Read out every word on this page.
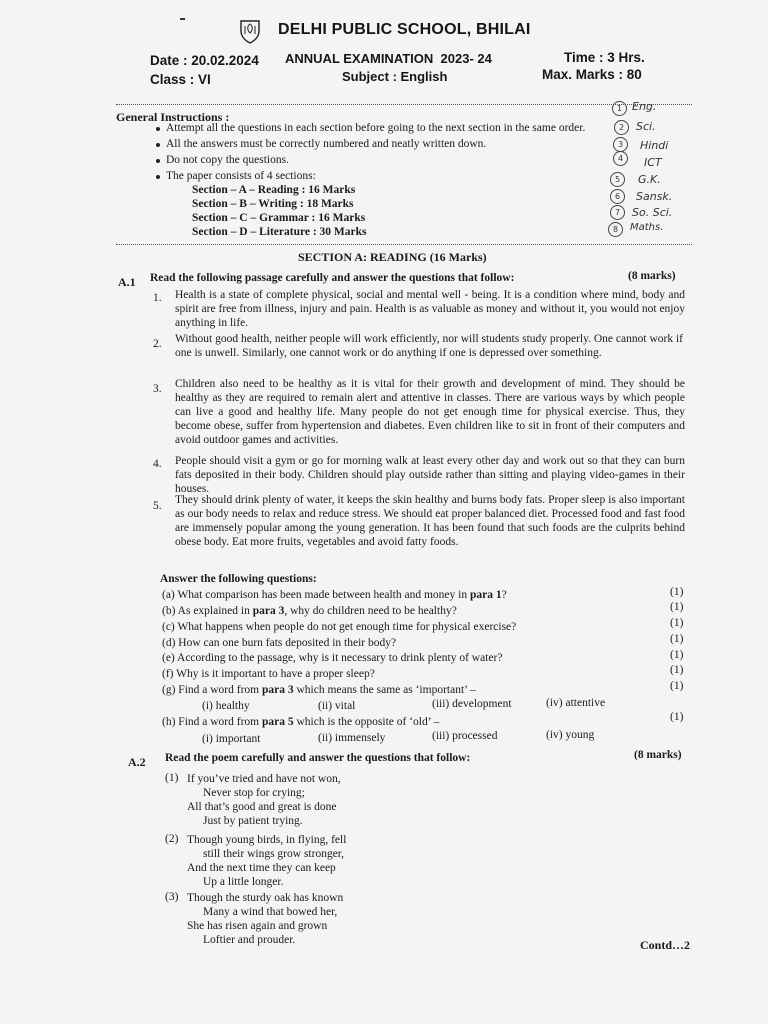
DELHI PUBLIC SCHOOL, BHILAI
Date : 20.02.2024
Class : VI
ANNUAL EXAMINATION  2023- 24
Subject : English
Time : 3 Hrs.
Max. Marks : 80
General Instructions :
Attempt all the questions in each section before going to the next section in the same order.
All the answers must be correctly numbered and neatly written down.
Do not copy the questions.
The paper consists of 4 sections:
Section – A – Reading : 16 Marks
Section – B – Writing : 18 Marks
Section – C – Grammar : 16 Marks
Section – D – Literature : 30 Marks
1 Eng.
2	Sci.
3	Hindi
4	ICT
5	G.K.
6	Sansk.
7	So. Sci.
8	Maths.
SECTION A: READING (16 Marks)
A.1 Read the following passage carefully and answer the questions that follow:	(8 marks)
1. Health is a state of complete physical, social and mental well - being. It is a condition where mind, body and spirit are free from illness, injury and pain. Health is as valuable as money and without it, you would not enjoy anything in life.
2. Without good health, neither people will work efficiently, nor will students study properly. One cannot work if one is unwell. Similarly, one cannot work or do anything if one is depressed over something.
3. Children also need to be healthy as it is vital for their growth and development of mind. They should be healthy as they are required to remain alert and attentive in classes. There are various ways by which people can live a good and healthy life. Many people do not get enough time for physical exercise. Thus, they become obese, suffer from hypertension and diabetes. Even children like to sit in front of their computers and avoid outdoor games and activities.
4. People should visit a gym or go for morning walk at least every other day and work out so that they can burn fats deposited in their body. Children should play outside rather than sitting and playing video-games in their houses.
5. They should drink plenty of water, it keeps the skin healthy and burns body fats. Proper sleep is also important as our body needs to relax and reduce stress. We should eat proper balanced diet. Processed food and fast food are immensely popular among the young generation. It has been found that such foods are the culprits behind obese body. Eat more fruits, vegetables and avoid fatty foods.
Answer the following questions:
(a) What comparison has been made between health and money in para 1?	(1)
(b) As explained in para 3, why do children need to be healthy?	(1)
(c) What happens when people do not get enough time for physical exercise?	(1)
(d) How can one burn fats deposited in their body?	(1)
(e) According to the passage, why is it necessary to drink plenty of water?	(1)
(f) Why is it important to have a proper sleep?	(1)
(g) Find a word from para 3 which means the same as ‘important’ –	(1)
(i) healthy	(ii) vital	(iii) development	(iv) attentive
(h) Find a word from para 5 which is the opposite of ‘old’ –	(1)
(i) important	(ii) immensely	(iii) processed	(iv) young
A.2 Read the poem carefully and answer the questions that follow:	(8 marks)
(1) If you’ve tried and have not won,
Never stop for crying;
All that’s good and great is done
Just by patient trying.
(2) Though young birds, in flying, fell
still their wings grow stronger,
And the next time they can keep
Up a little longer.
(3) Though the sturdy oak has known
Many a wind that bowed her,
She has risen again and grown
Loftier and prouder.	Contd…2
